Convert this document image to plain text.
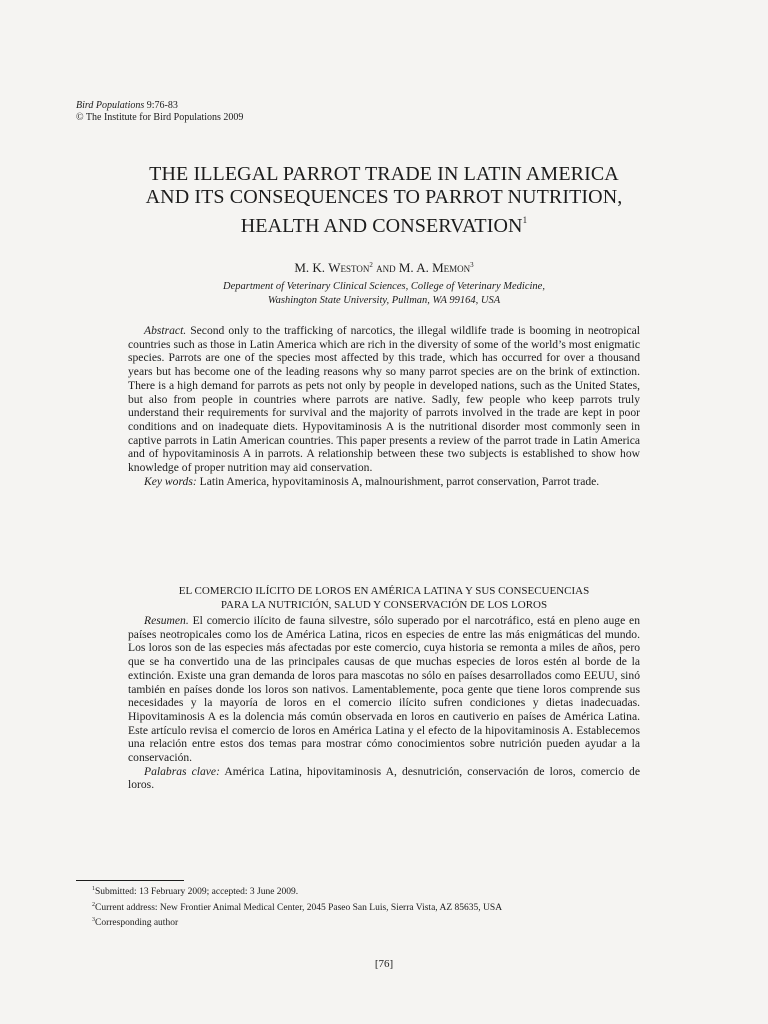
Bird Populations 9:76-83
© The Institute for Bird Populations 2009
THE ILLEGAL PARROT TRADE IN LATIN AMERICA
AND ITS CONSEQUENCES TO PARROT NUTRITION,
HEALTH AND CONSERVATION$^1$
M. K. Weston$^2$ and M. A. Memon$^3$
Department of Veterinary Clinical Sciences, College of Veterinary Medicine,
Washington State University, Pullman, WA 99164, USA

Abstract. Second only to the trafficking of narcotics, the illegal wildlife trade is booming in neotropical countries such as those in Latin America which are rich in the diversity of some of the world’s most enigmatic species. Parrots are one of the species most affected by this trade, which has occurred for over a thousand years but has become one of the leading reasons why so many parrot species are on the brink of extinction. There is a high demand for parrots as pets not only by people in developed nations, such as the United States, but also from people in countries where parrots are native. Sadly, few people who keep parrots truly understand their requirements for survival and the majority of parrots involved in the trade are kept in poor conditions and on inadequate diets. Hypovitaminosis A is the nutritional disorder most commonly seen in captive parrots in Latin American countries. This paper presents a review of the parrot trade in Latin America and of hypovitaminosis A in parrots. A relationship between these two subjects is established to show how knowledge of proper nutrition may aid conservation.

Key words: Latin America, hypovitaminosis A, malnourishment, parrot conservation, Parrot trade.

EL COMERCIO ILÍCITO DE LOROS EN AMÉRICA LATINA Y SUS CONSECUENCIAS
PARA LA NUTRICIÓN, SALUD Y CONSERVACIÓN DE LOS LOROS

Resumen. El comercio ilícito de fauna silvestre, sólo superado por el narcotráfico, está en pleno auge en países neotropicales como los de América Latina, ricos en especies de entre las más enigmáticas del mundo. Los loros son de las especies más afectadas por este comercio, cuya historia se remonta a miles de años, pero que se ha convertido una de las principales causas de que muchas especies de loros estén al borde de la extinción. Existe una gran demanda de loros para mascotas no sólo en países desarrollados como EEUU, sinó también en países donde los loros son nativos. Lamentablemente, poca gente que tiene loros comprende sus necesidades y la mayoría de loros en el comercio ilícito sufren condiciones y dietas inadecuadas. Hipovitaminosis A es la dolencia más común observada en loros en cautiverio en países de América Latina. Este artículo revisa el comercio de loros en América Latina y el efecto de la hipovitaminosis A. Establecemos una relación entre estos dos temas para mostrar cómo conocimientos sobre nutrición pueden ayudar a la conservación.

Palabras clave: América Latina, hipovitaminosis A, desnutrición, conservación de loros, comercio de loros.

$^1$Submitted: 13 February 2009; accepted: 3 June 2009.
$^2$Current address: New Frontier Animal Medical Center, 2045 Paseo San Luis, Sierra Vista, AZ 85635, USA
$^3$Corresponding author
[76]
